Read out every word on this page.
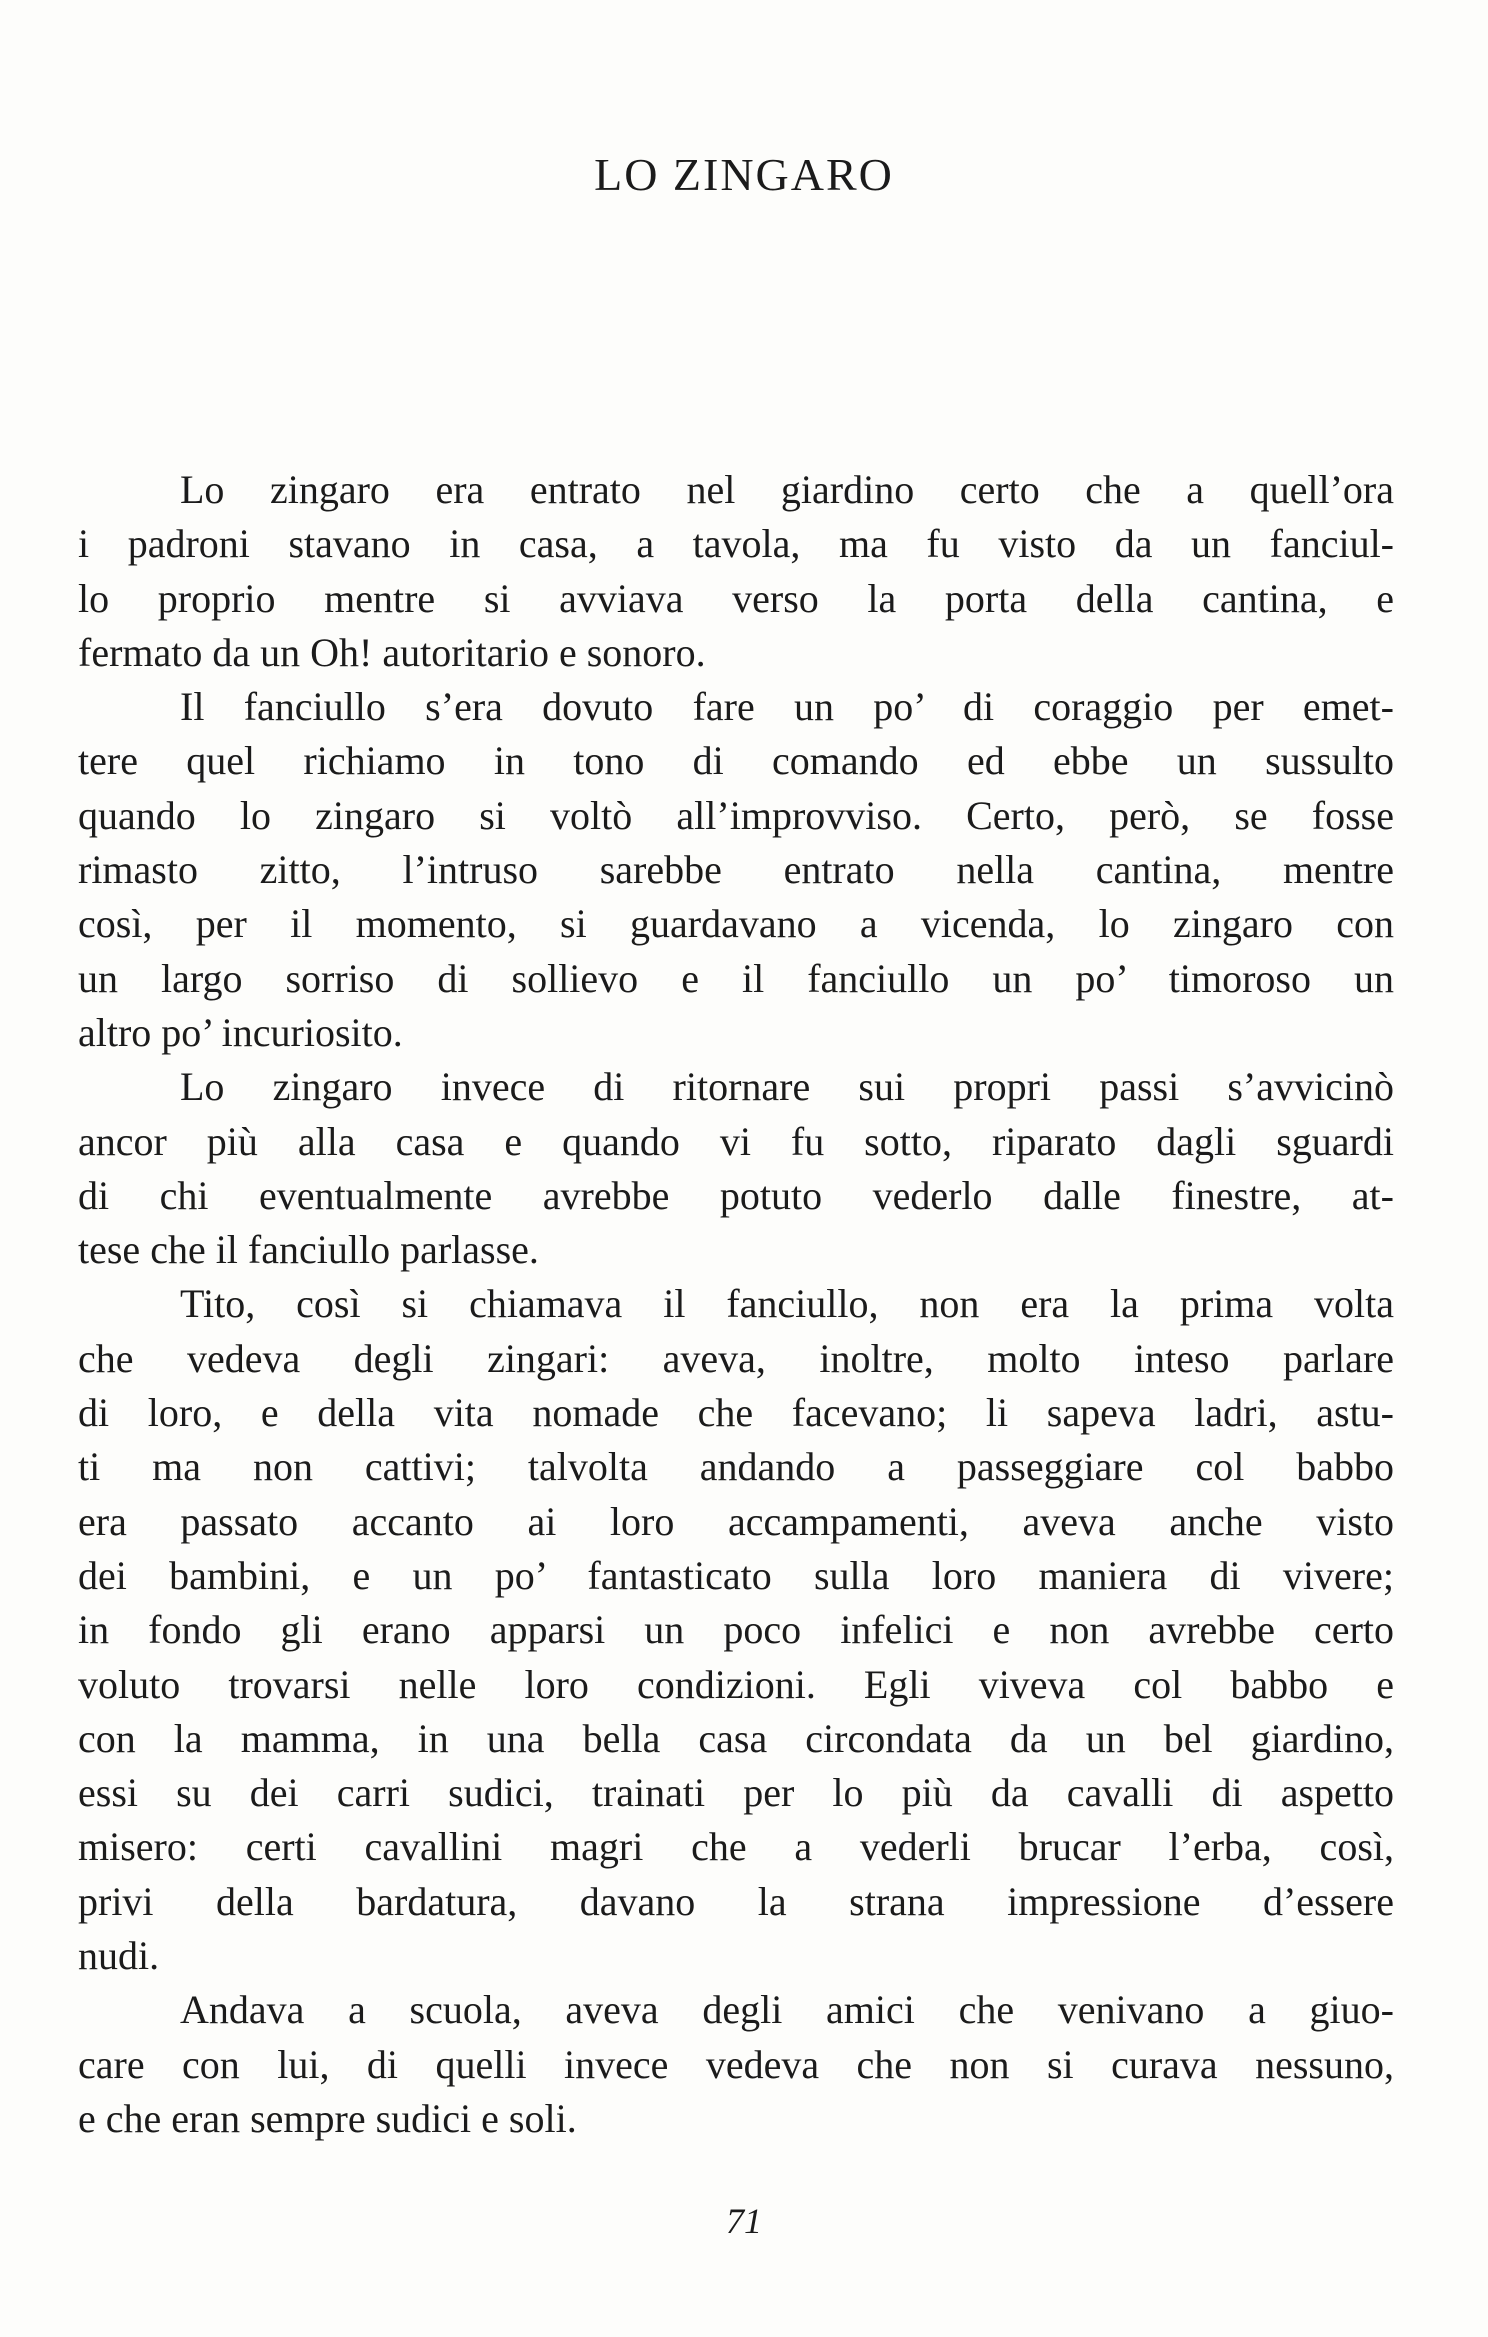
LO ZINGARO
Lo zingaro era entrato nel giardino certo che a quell’ora
i padroni stavano in casa, a tavola, ma fu visto da un fanciul-
lo proprio mentre si avviava verso la porta della cantina, e
fermato da un Oh! autoritario e sonoro.
Il fanciullo s’era dovuto fare un po’ di coraggio per emet-
tere quel richiamo in tono di comando ed ebbe un sussulto
quando lo zingaro si voltò all’improvviso. Certo, però, se fosse
rimasto zitto, l’intruso sarebbe entrato nella cantina, mentre
così, per il momento, si guardavano a vicenda, lo zingaro con
un largo sorriso di sollievo e il fanciullo un po’ timoroso un
altro po’ incuriosito.
Lo zingaro invece di ritornare sui propri passi s’avvicinò
ancor più alla casa e quando vi fu sotto, riparato dagli sguardi
di chi eventualmente avrebbe potuto vederlo dalle finestre, at-
tese che il fanciullo parlasse.
Tito, così si chiamava il fanciullo, non era la prima volta
che vedeva degli zingari: aveva, inoltre, molto inteso parlare
di loro, e della vita nomade che facevano; li sapeva ladri, astu-
ti ma non cattivi; talvolta andando a passeggiare col babbo
era passato accanto ai loro accampamenti, aveva anche visto
dei bambini, e un po’ fantasticato sulla loro maniera di vivere;
in fondo gli erano apparsi un poco infelici e non avrebbe certo
voluto trovarsi nelle loro condizioni. Egli viveva col babbo e
con la mamma, in una bella casa circondata da un bel giardino,
essi su dei carri sudici, trainati per lo più da cavalli di aspetto
misero: certi cavallini magri che a vederli brucar l’erba, così,
privi della bardatura, davano la strana impressione d’essere
nudi.
Andava a scuola, aveva degli amici che venivano a giuo-
care con lui, di quelli invece vedeva che non si curava nessuno,
e che eran sempre sudici e soli.
71
